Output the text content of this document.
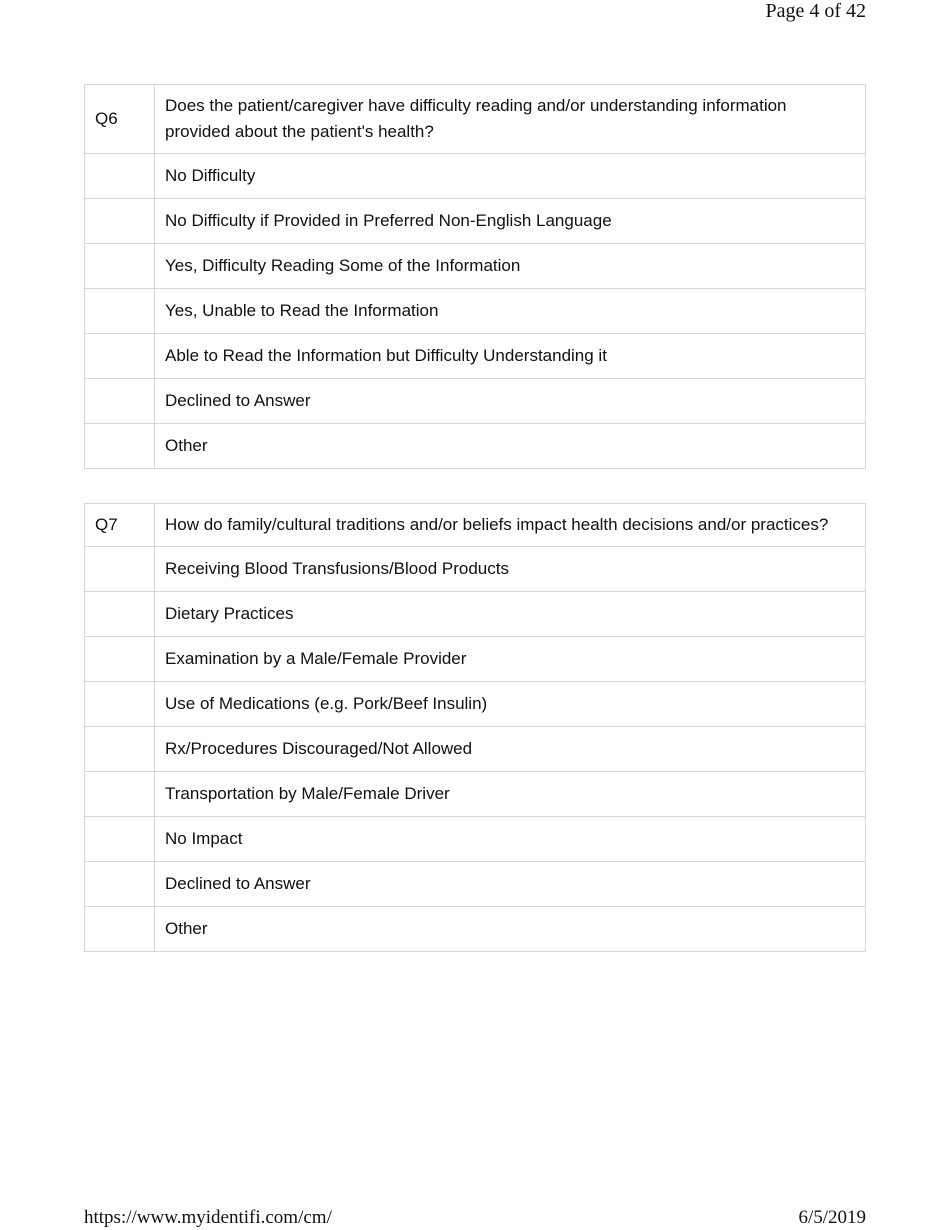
Page 4 of 42
Q6	Does the patient/caregiver have difficulty reading and/or understanding information provided about the patient's health?
	No Difficulty
	No Difficulty if Provided in Preferred Non-English Language
	Yes, Difficulty Reading Some of the Information
	Yes, Unable to Read the Information
	Able to Read the Information but Difficulty Understanding it
	Declined to Answer
	Other
Q7	How do family/cultural traditions and/or beliefs impact health decisions and/or practices?
	Receiving Blood Transfusions/Blood Products
	Dietary Practices
	Examination by a Male/Female Provider
	Use of Medications (e.g. Pork/Beef Insulin)
	Rx/Procedures Discouraged/Not Allowed
	Transportation by Male/Female Driver
	No Impact
	Declined to Answer
	Other
https://www.myidentifi.com/cm/	6/5/2019
